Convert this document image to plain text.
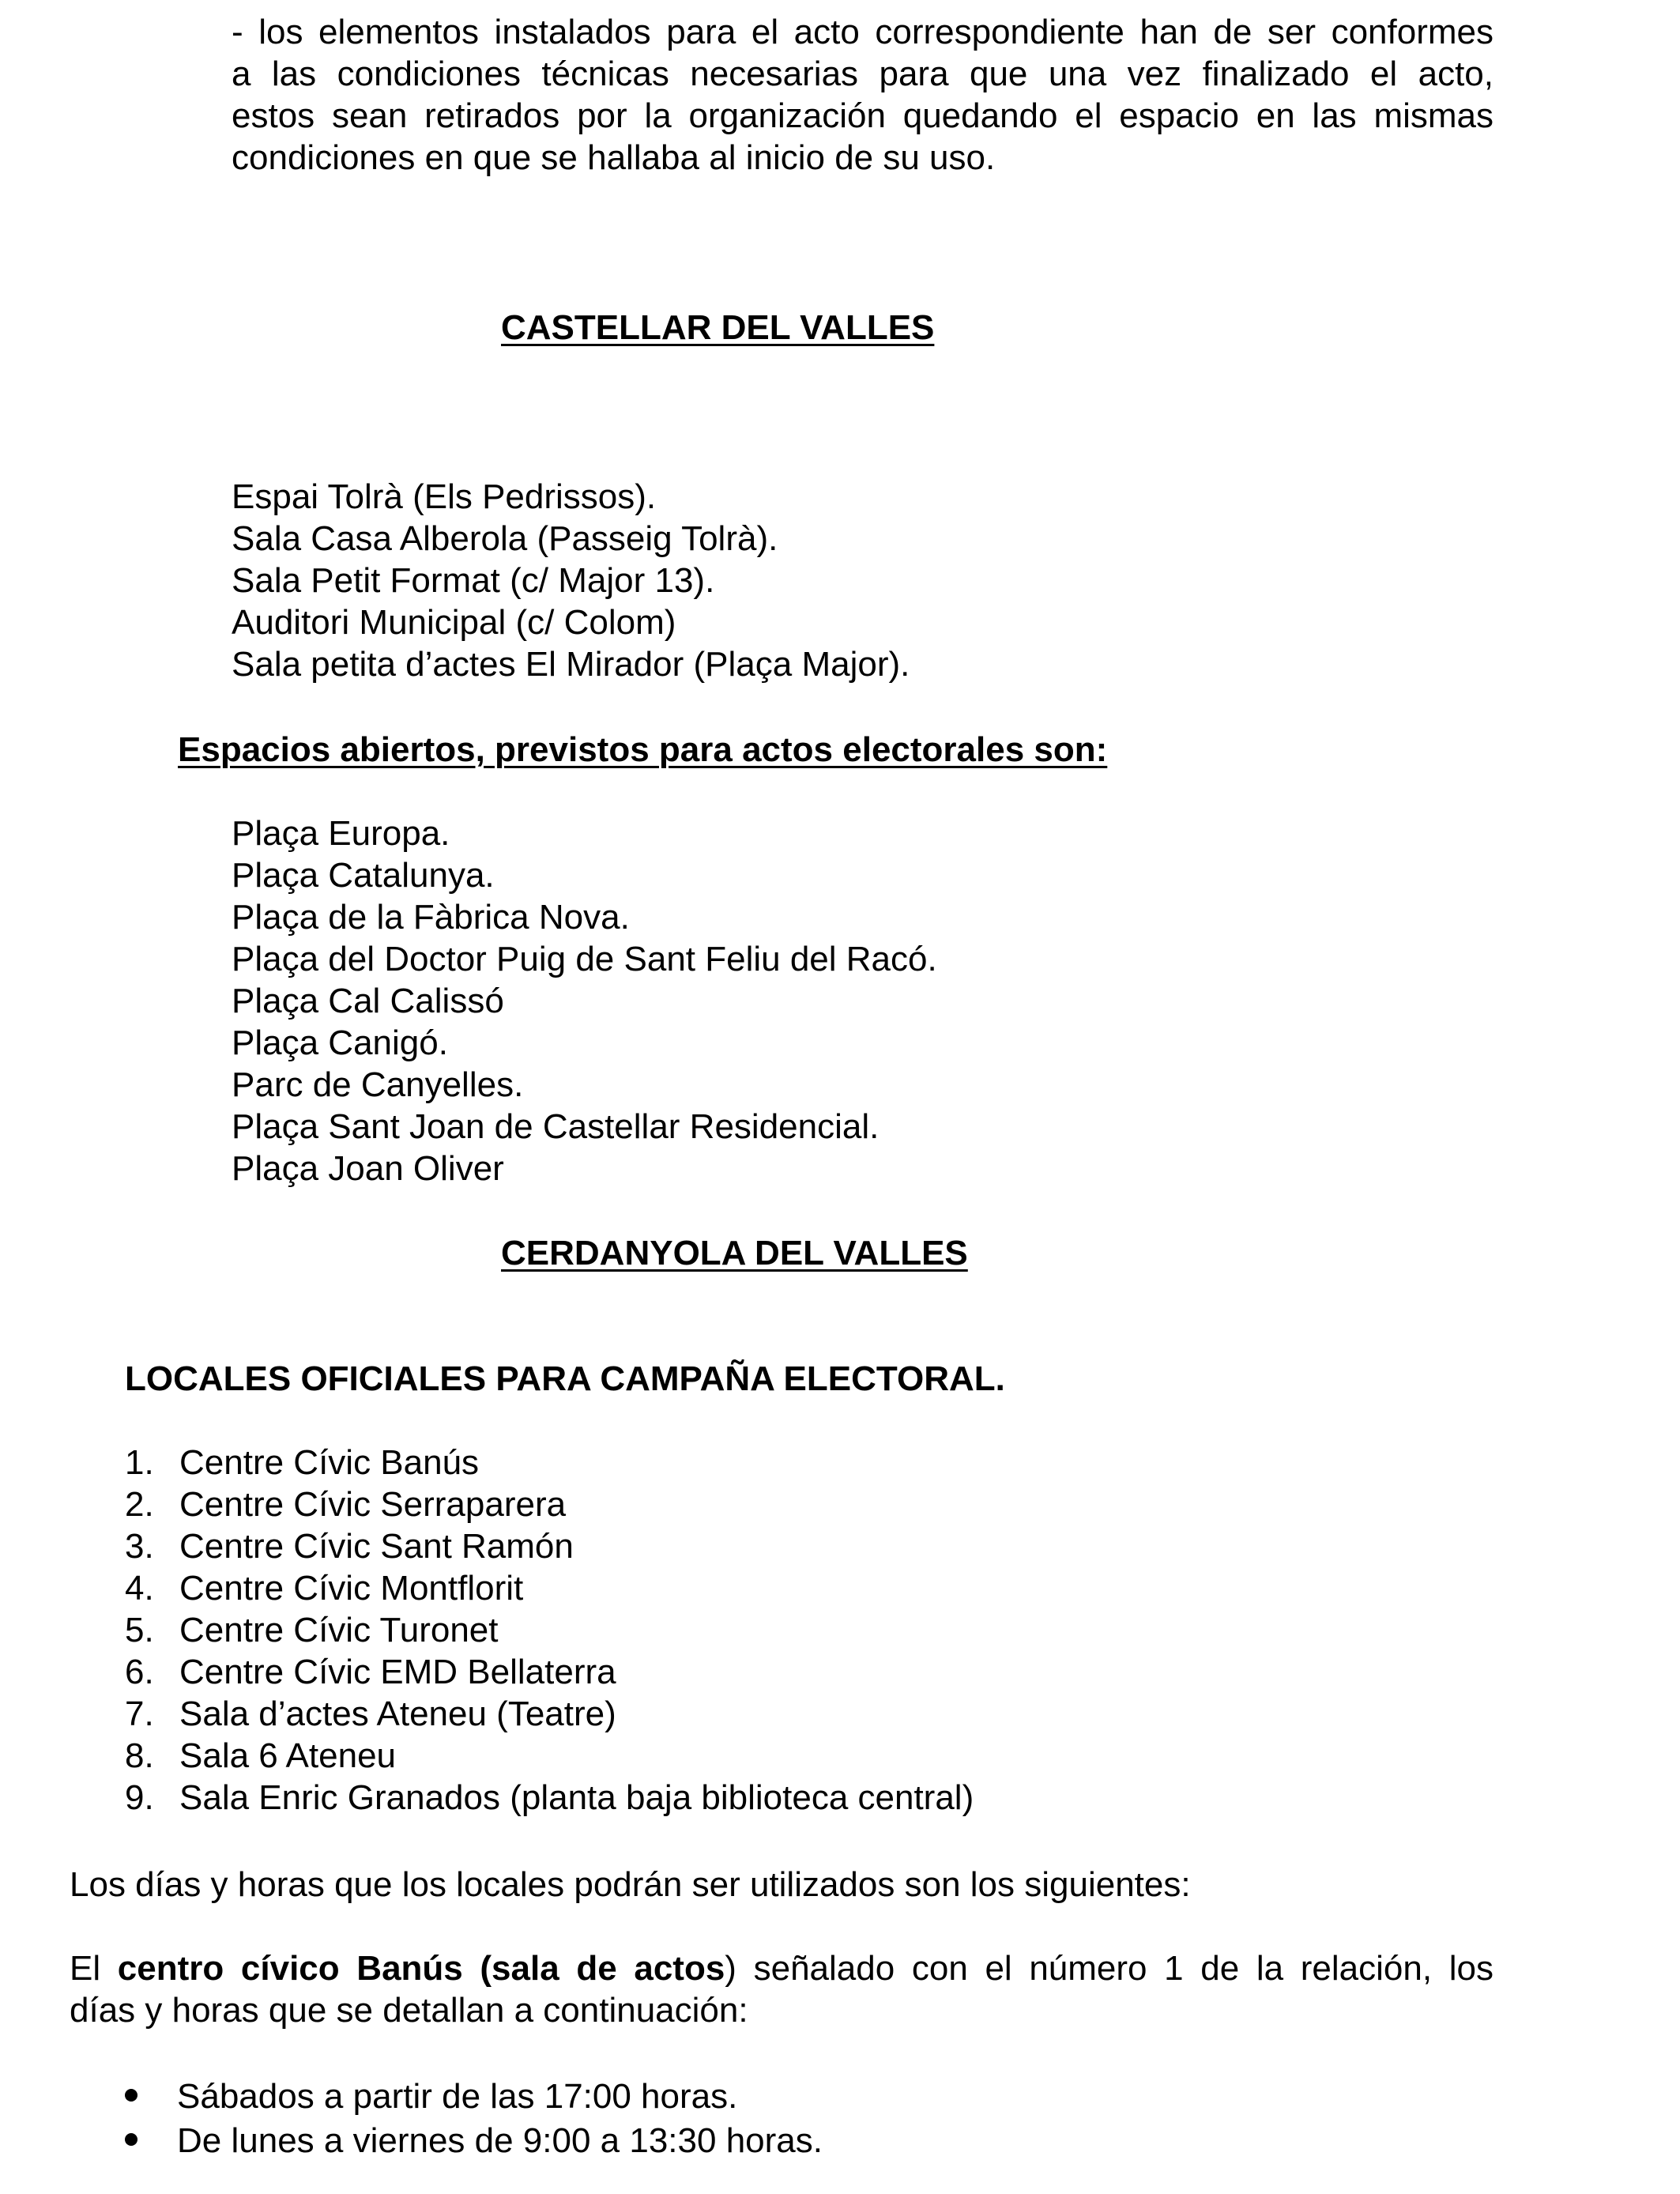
- los elementos instalados para el acto correspondiente han de ser conformes
a las condiciones técnicas necesarias para que una vez finalizado el acto,
estos sean retirados por la organización quedando el espacio en las mismas
condiciones en que se hallaba al inicio de su uso.
CASTELLAR DEL VALLES
Espai Tolrà (Els Pedrissos).
Sala Casa Alberola (Passeig Tolrà).
Sala Petit Format (c/ Major 13).
Auditori Municipal (c/ Colom)
Sala petita d’actes El Mirador (Plaça Major).
Espacios abiertos, previstos para actos electorales son:
Plaça Europa.
Plaça Catalunya.
Plaça de la Fàbrica Nova.
Plaça del Doctor Puig de Sant Feliu del Racó.
Plaça Cal Calissó
Plaça Canigó.
Parc de Canyelles.
Plaça Sant Joan de Castellar Residencial.
Plaça Joan Oliver
CERDANYOLA DEL VALLES
LOCALES OFICIALES PARA CAMPAÑA ELECTORAL.
1. Centre Cívic Banús
2. Centre Cívic Serraparera
3. Centre Cívic Sant Ramón
4. Centre Cívic Montflorit
5. Centre Cívic Turonet
6. Centre Cívic EMD Bellaterra
7. Sala d’actes Ateneu (Teatre)
8. Sala 6 Ateneu
9. Sala Enric Granados (planta baja biblioteca central)
Los días y horas que los locales podrán ser utilizados son los siguientes:
El centro cívico Banús (sala de actos) señalado con el número 1 de la relación, los
días y horas que se detallan a continuación:
Sábados a partir de las 17:00 horas.
De lunes a viernes de 9:00 a 13:30 horas.
